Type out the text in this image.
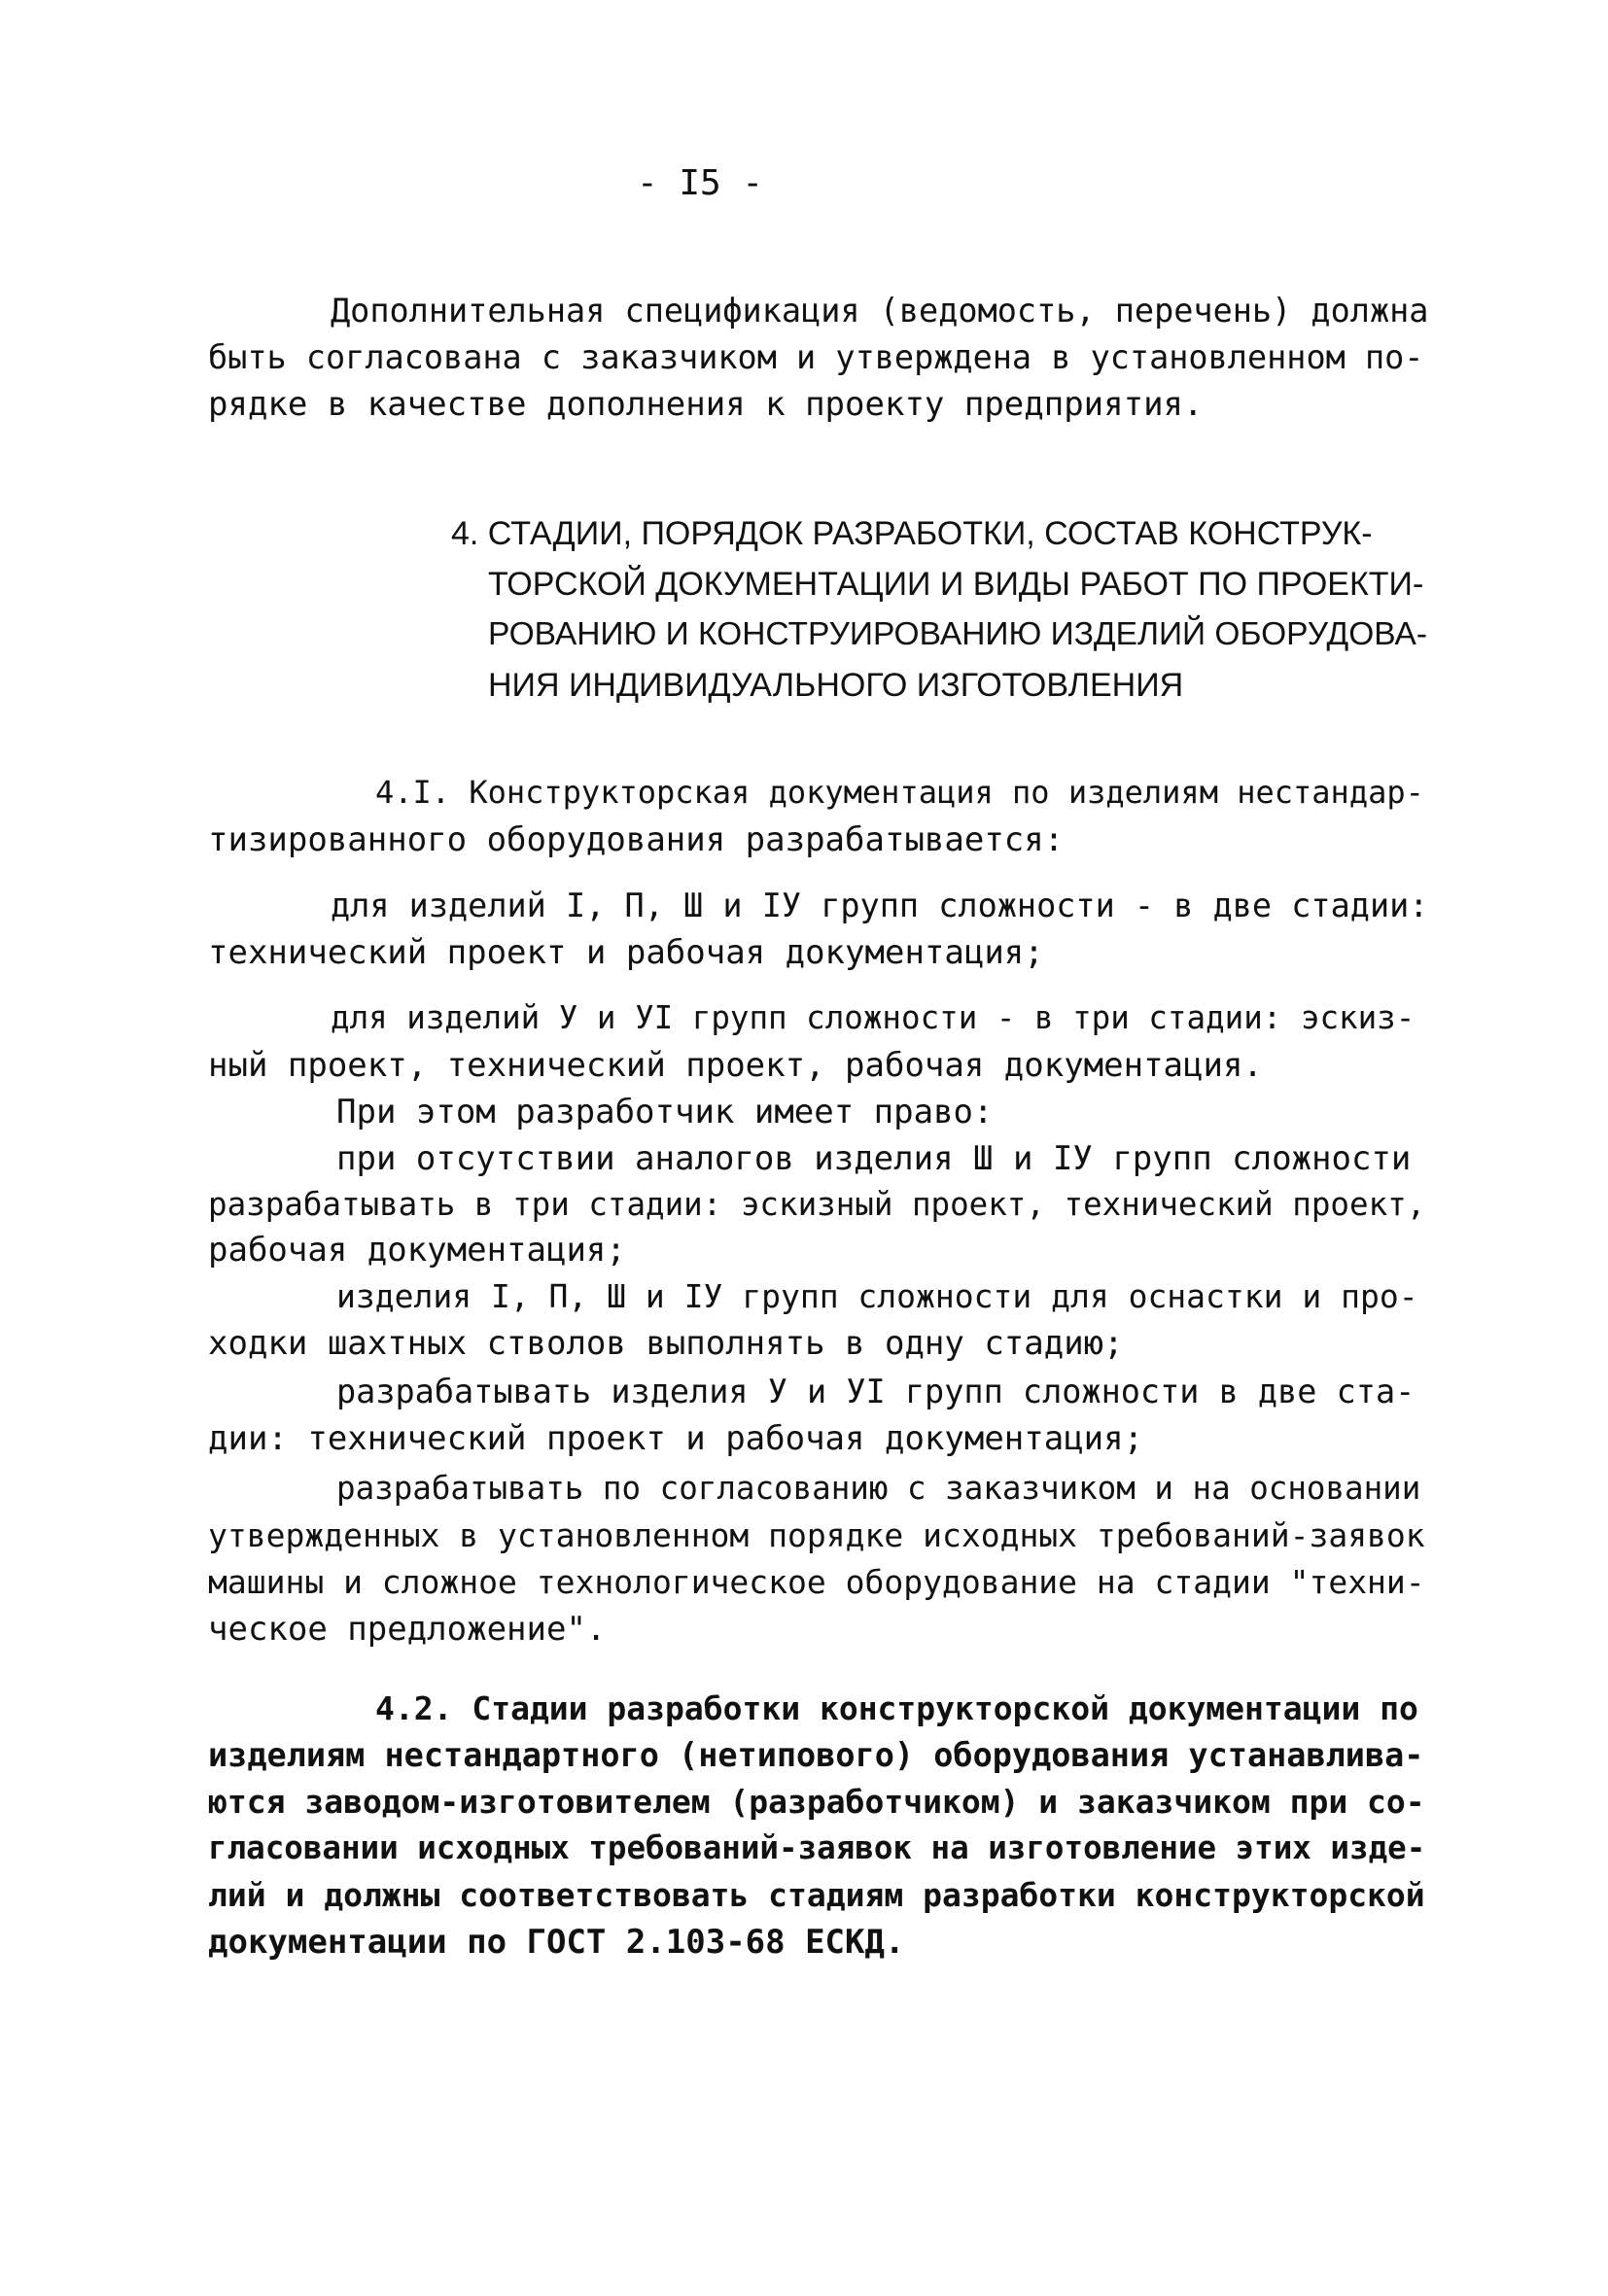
- I5 -
Дополнительная спецификация (ведомость, перечень) должна
быть согласована с заказчиком и утверждена в установленном по-
рядке в качестве дополнения к проекту предприятия.
4. СТАДИИ, ПОРЯДОК РАЗРАБОТКИ, СОСТАВ КОНСТРУК-
ТОРСКОЙ ДОКУМЕНТАЦИИ И ВИДЫ РАБОТ ПО ПРОЕКТИ-
РОВАНИЮ И КОНСТРУИРОВАНИЮ ИЗДЕЛИЙ ОБОРУДОВА-
НИЯ ИНДИВИДУАЛЬНОГО ИЗГОТОВЛЕНИЯ
4.I. Конструкторская документация по изделиям нестандар-
тизированного оборудования разрабатывается:
для изделий I, П, Ш и IУ групп сложности - в две стадии:
технический проект и рабочая документация;
для изделий У и УI групп сложности - в три стадии: эскиз-
ный проект, технический проект, рабочая документация.
При этом разработчик имеет право:
при отсутствии аналогов изделия Ш и IУ групп сложности
разрабатывать в три стадии: эскизный проект, технический проект,
рабочая документация;
изделия I, П, Ш и IУ групп сложности для оснастки и про-
ходки шахтных стволов выполнять в одну стадию;
разрабатывать изделия У и УI групп сложности в две ста-
дии: технический проект и рабочая документация;
разрабатывать по согласованию с заказчиком и на основании
утвержденных в установленном порядке исходных требований-заявок
машины и сложное технологическое оборудование на стадии "техни-
ческое предложение".
4.2. Стадии разработки конструкторской документации по
изделиям нестандартного (нетипового) оборудования устанавлива-
ются заводом-изготовителем (разработчиком) и заказчиком при со-
гласовании исходных требований-заявок на изготовление этих изде-
лий и должны соответствовать стадиям разработки конструкторской
документации по ГОСТ 2.103-68 ЕСКД.
